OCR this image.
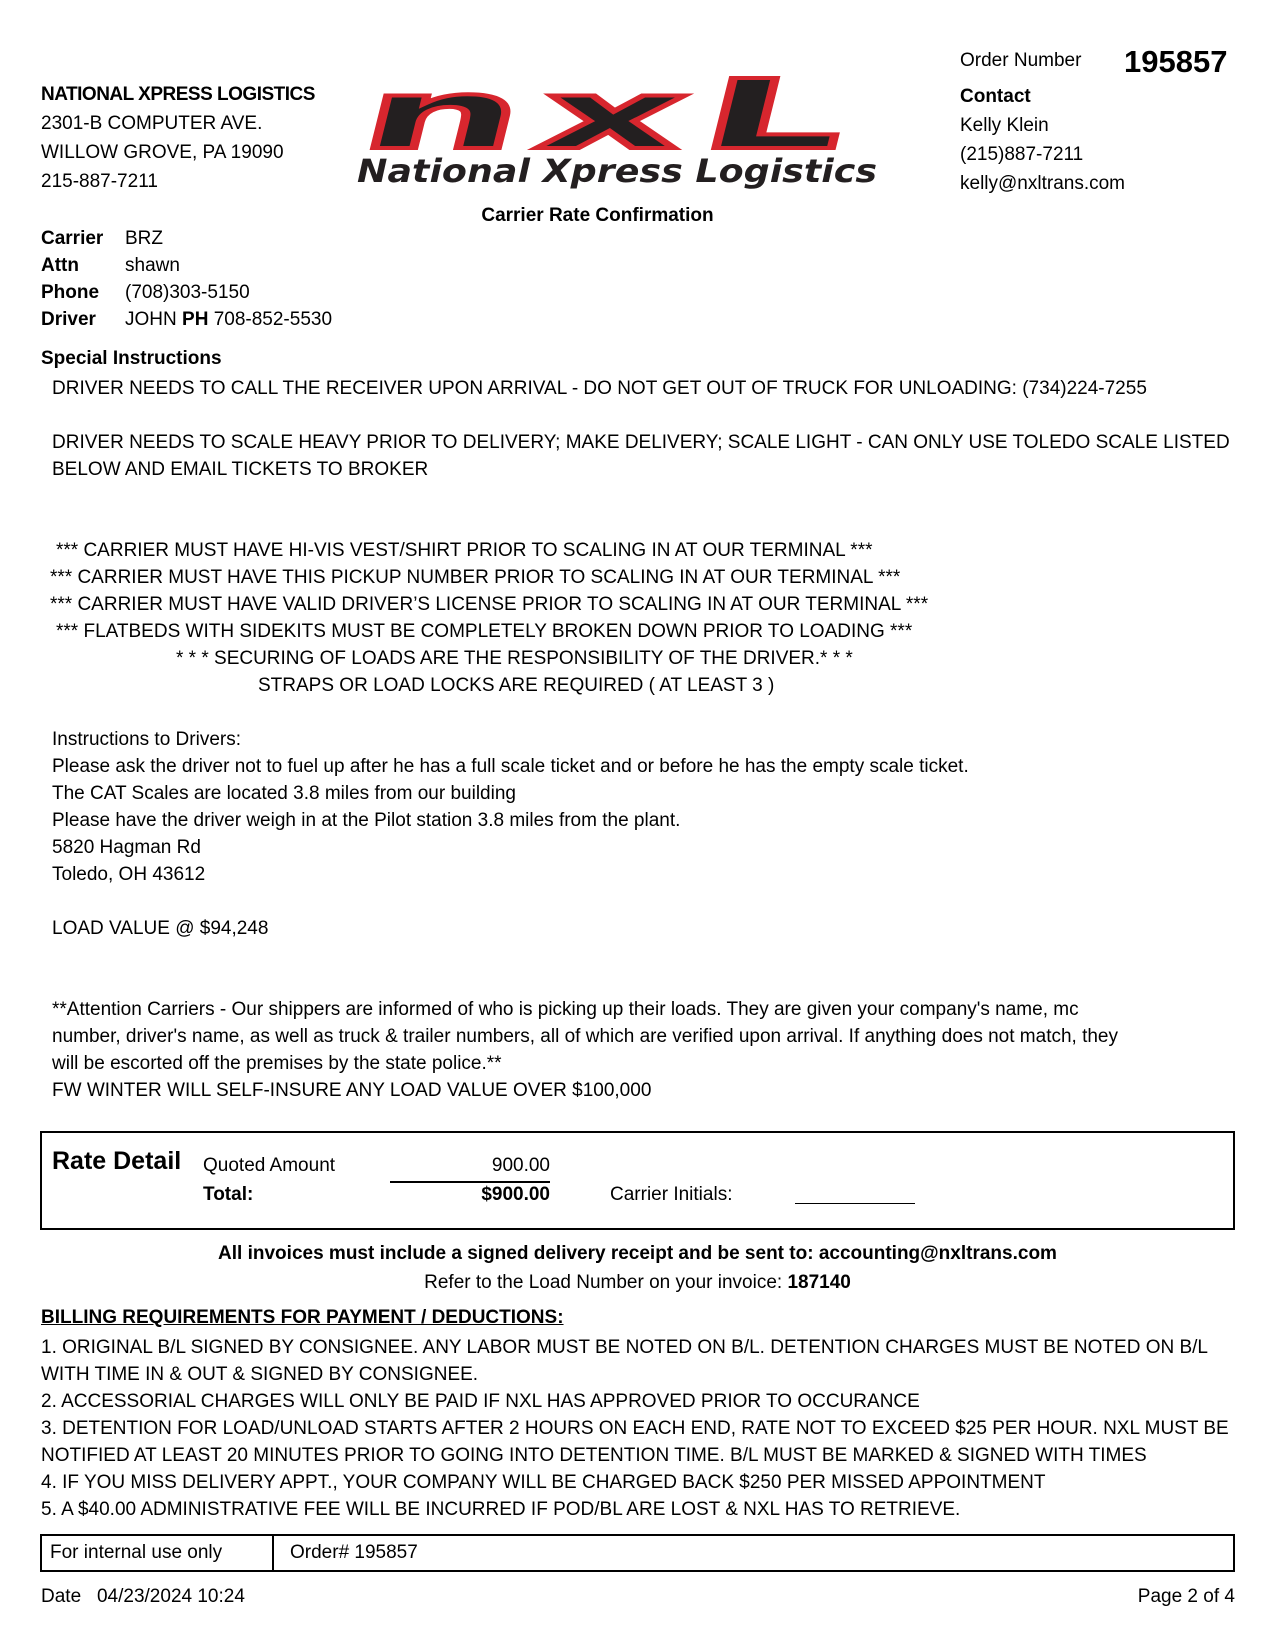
NATIONAL XPRESS LOGISTICS
2301-B COMPUTER AVE.
WILLOW GROVE, PA 19090
215-887-7211
nxL
National Xpress Logistics
Order Number 195857
Contact
Kelly Klein
(215)887-7211
kelly@nxltrans.com
Carrier Rate Confirmation
Carrier	BRZ
Attn	shawn
Phone	(708)303-5150
Driver	JOHN PH 708-852-5530
Special Instructions
DRIVER NEEDS TO CALL THE RECEIVER UPON ARRIVAL - DO NOT GET OUT OF TRUCK FOR UNLOADING: (734)224-7255
DRIVER NEEDS TO SCALE HEAVY PRIOR TO DELIVERY; MAKE DELIVERY; SCALE LIGHT - CAN ONLY USE TOLEDO SCALE LISTED
BELOW AND EMAIL TICKETS TO BROKER
*** CARRIER MUST HAVE HI-VIS VEST/SHIRT PRIOR TO SCALING IN AT OUR TERMINAL ***
*** CARRIER MUST HAVE THIS PICKUP NUMBER PRIOR TO SCALING IN AT OUR TERMINAL ***
*** CARRIER MUST HAVE VALID DRIVER’S LICENSE PRIOR TO SCALING IN AT OUR TERMINAL ***
*** FLATBEDS WITH SIDEKITS MUST BE COMPLETELY BROKEN DOWN PRIOR TO LOADING ***
* * * SECURING OF LOADS ARE THE RESPONSIBILITY OF THE DRIVER.* * *
STRAPS OR LOAD LOCKS ARE REQUIRED ( AT LEAST 3 )
Instructions to Drivers:
Please ask the driver not to fuel up after he has a full scale ticket and or before he has the empty scale ticket.
The CAT Scales are located 3.8 miles from our building
Please have the driver weigh in at the Pilot station 3.8 miles from the plant.
5820 Hagman Rd
Toledo, OH 43612
LOAD VALUE @ $94,248
**Attention Carriers - Our shippers are informed of who is picking up their loads. They are given your company's name, mc
number, driver's name, as well as truck & trailer numbers, all of which are verified upon arrival. If anything does not match, they
will be escorted off the premises by the state police.**
FW WINTER WILL SELF-INSURE ANY LOAD VALUE OVER $100,000
Rate Detail Quoted Amount	900.00
Total:	$900.00	Carrier Initials:
All invoices must include a signed delivery receipt and be sent to: accounting@nxltrans.com
Refer to the Load Number on your invoice: 187140
BILLING REQUIREMENTS FOR PAYMENT / DEDUCTIONS:
1. ORIGINAL B/L SIGNED BY CONSIGNEE. ANY LABOR MUST BE NOTED ON B/L. DETENTION CHARGES MUST BE NOTED ON B/L
WITH TIME IN & OUT & SIGNED BY CONSIGNEE.
2. ACCESSORIAL CHARGES WILL ONLY BE PAID IF NXL HAS APPROVED PRIOR TO OCCURANCE
3. DETENTION FOR LOAD/UNLOAD STARTS AFTER 2 HOURS ON EACH END, RATE NOT TO EXCEED $25 PER HOUR. NXL MUST BE
NOTIFIED AT LEAST 20 MINUTES PRIOR TO GOING INTO DETENTION TIME. B/L MUST BE MARKED & SIGNED WITH TIMES
4. IF YOU MISS DELIVERY APPT., YOUR COMPANY WILL BE CHARGED BACK $250 PER MISSED APPOINTMENT
5. A $40.00 ADMINISTRATIVE FEE WILL BE INCURRED IF POD/BL ARE LOST & NXL HAS TO RETRIEVE.
For internal use only	Order# 195857
Date 04/23/2024 10:24	Page 2 of 4
